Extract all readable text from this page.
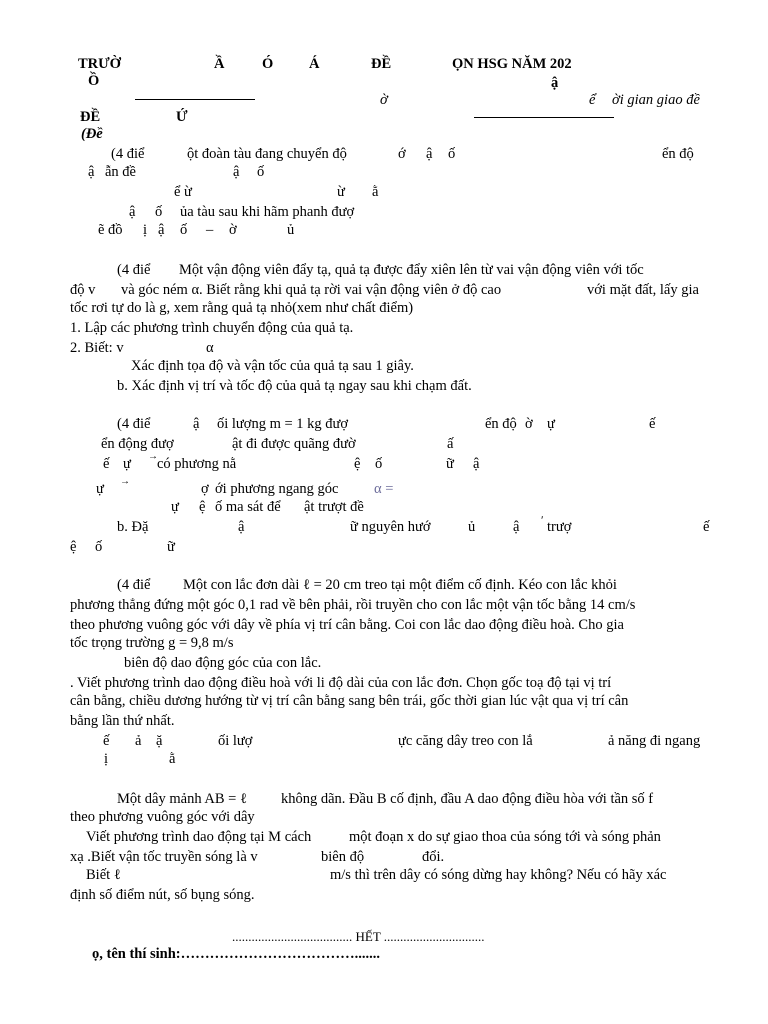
TRƯỜ	Ầ	Ó Á	ĐỀ	ỌN HSG NĂM 202
Ồ	ậ
ờ	ể ời gian giao đề
ĐỀ	Ứ
(Đề
(4 điể	ột đoàn tàu đang chuyển độ	ớ ậ ố	ển độ
ậ ẫn đề	ậ ố
ể ừ	ừ ằ
ậ ố ủa tàu sau khi hãm phanh đượ
ẽ đồ ị ậ ố – ờ	ủ
(4 điể Một vận động viên đẩy tạ, quả tạ được đẩy xiên lên từ vai vận động viên với tốc
độ v và góc ném α. Biết rằng khi quả tạ rời vai vận động viên ở độ cao	với mặt đất, lấy gia
tốc rơi tự do là g, xem rằng quả tạ nhỏ(xem như chất điểm)
1. Lập các phương trình chuyển động của quả tạ.
2. Biết: v	α
Xác định tọa độ và vận tốc của quả tạ sau 1 giây.
b. Xác định vị trí và tốc độ của quả tạ ngay sau khi chạm đất.
(4 điể	ậ ối lượng m = 1 kg đượ	ển độ ờ ự	ế
ển động đượ	ật đi được quãng đườ	ấ
ế ự → có phương nằ	ệ ố	ữ ậ
ự →	ợ ới phương ngang góc α =
ự ệ ố ma sát để ật trượt đề
b. Đặ	ậ	ữ nguyên hướ	ủ	ậ ʹ trượ	ế
ệ ố	ữ
(4 điể Một con lắc đơn dài ℓ = 20 cm treo tại một điểm cố định. Kéo con lắc khỏi
phương thẳng đứng một góc 0,1 rad về bên phải, rồi truyền cho con lắc một vận tốc bằng 14 cm/s
theo phương vuông góc với dây về phía vị trí cân bằng. Coi con lắc dao động điều hoà. Cho gia
tốc trọng trường g = 9,8 m/s
biên độ dao động góc của con lắc.
. Viết phương trình dao động điều hoà với li độ dài của con lắc đơn. Chọn gốc toạ độ tại vị trí
cân bằng, chiều dương hướng từ vị trí cân bằng sang bên trái, gốc thời gian lúc vật qua vị trí cân
bằng lần thứ nhất.
ế ả ặ	ối lượ	ực căng dây treo con lắ	ả năng đi ngang
ị	ằ
Một dây mảnh AB = ℓ không dãn. Đầu B cố định, đầu A dao động điều hòa với tần số f
theo phương vuông góc với dây
Viết phương trình dao động tại M cách	một đoạn x do sự giao thoa của sóng tới và sóng phản
xạ .Biết vận tốc truyền sóng là v	biên độ	đổi.
Biết ℓ	m/s thì trên dây có sóng dừng hay không? Nếu có hãy xác
định số điểm nút, số bụng sóng.
..................................... HẾT ...............................
ọ, tên thí sinh:……………………………….......
